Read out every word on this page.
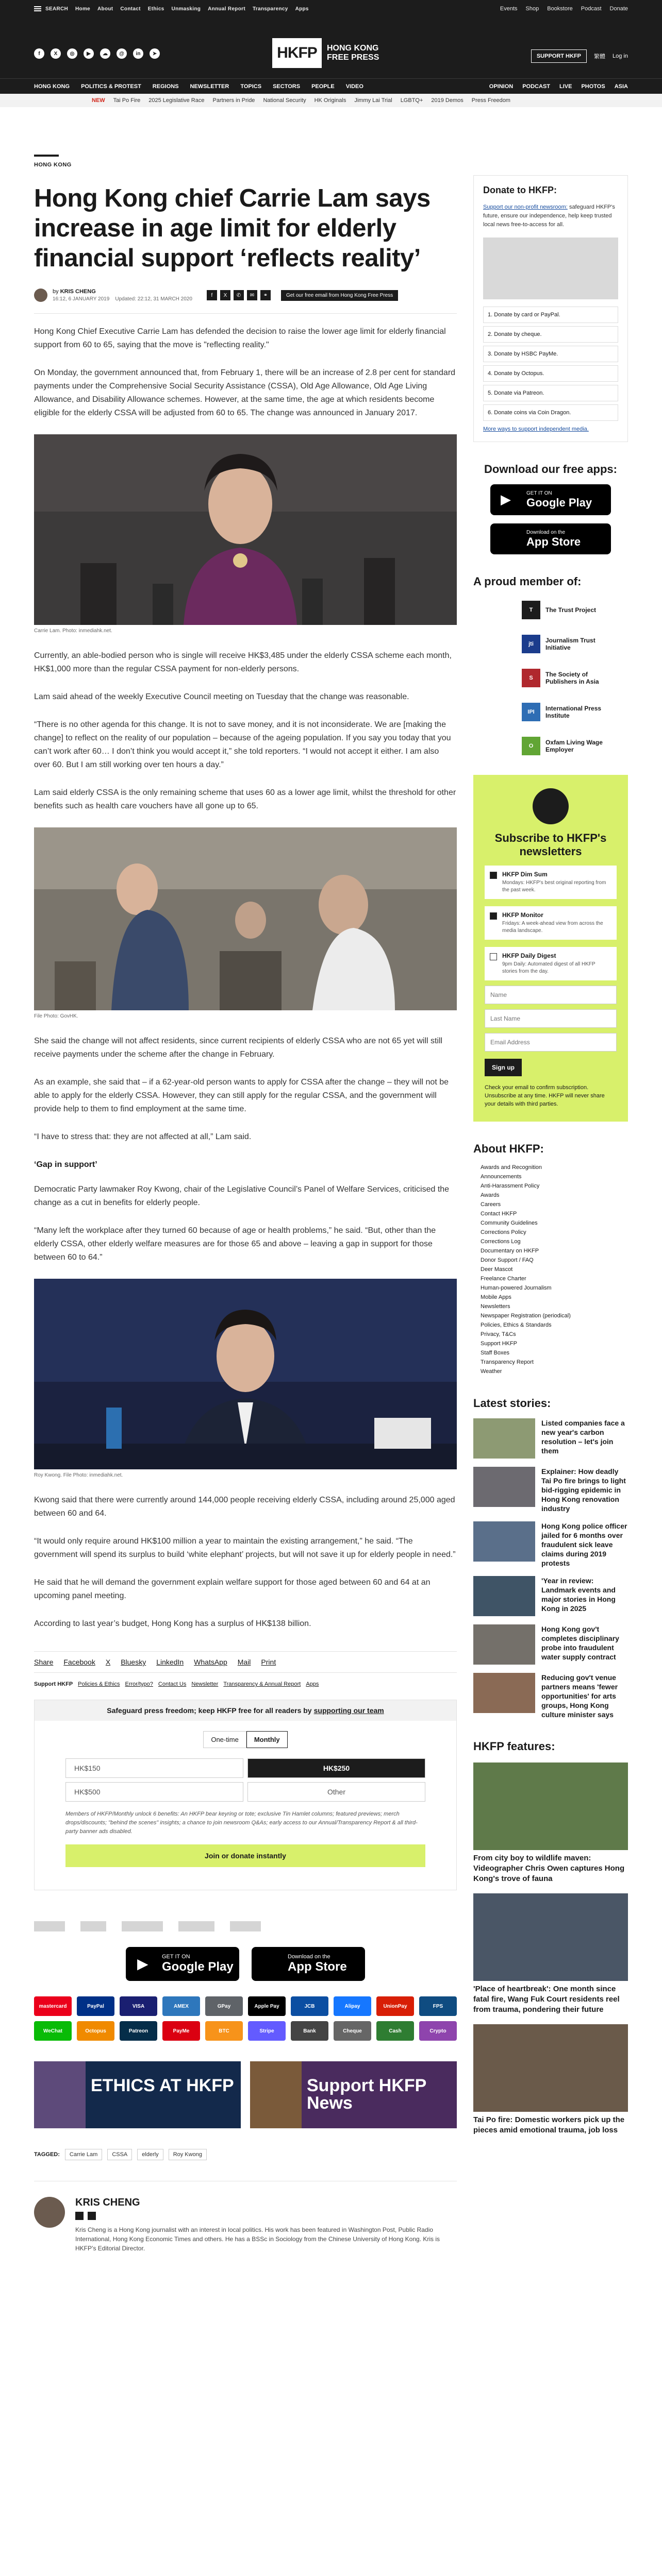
SEARCH Home About Contact Ethics Unmasking Annual Report Transparency Apps	Events Shop Bookstore Podcast Donate
f	X	◎	▶	☁	@	in	➤	HKFP	HONG KONG FREE PRESS	SUPPORT HKFP	繁體 Log in
HONG KONG POLITICS & PROTEST REGIONS NEWSLETTER TOPICS SECTORS PEOPLE VIDEO	OPINION PODCAST LIVE PHOTOS ASIA
NEW Tai Po Fire 2025 Legislative Race Partners in Pride National Security HK Originals Jimmy Lai Trial LGBTQ+ 2019 Demos Press Freedom
HONG KONG
Hong Kong chief Carrie Lam says increase in age limit for elderly financial support ‘reflects reality’
by KRIS CHENG
16:12, 6 JANUARY 2019 Updated: 22:12, 31 MARCH 2020
f	X	✆	✉	⚭	Get our free email from Hong Kong Free Press

Hong Kong Chief Executive Carrie Lam has defended the decision to raise the lower age limit for elderly financial support from 60 to 65, saying that the move is "reflecting reality."

On Monday, the government announced that, from February 1, there will be an increase of 2.8 per cent for standard payments under the Comprehensive Social Security Assistance (CSSA), Old Age Allowance, Old Age Living Allowance, and Disability Allowance schemes. However, at the same time, the age at which residents become eligible for the elderly CSSA will be adjusted from 60 to 65. The change was announced in January 2017.

Carrie Lam. Photo: inmediahk.net.

Currently, an able-bodied person who is single will receive HK$3,485 under the elderly CSSA scheme each month, HK$1,000 more than the regular CSSA payment for non-elderly persons.

Lam said ahead of the weekly Executive Council meeting on Tuesday that the change was reasonable.

“There is no other agenda for this change. It is not to save money, and it is not inconsiderate. We are [making the change] to reflect on the reality of our population – because of the ageing population. If you say you today that you can’t work after 60… I don’t think you would accept it,” she told reporters. “I would not accept it either. I am also over 60. But I am still working over ten hours a day.”

Lam said elderly CSSA is the only remaining scheme that uses 60 as a lower age limit, whilst the threshold for other benefits such as health care vouchers have all gone up to 65.

File Photo: GovHK.

She said the change will not affect residents, since current recipients of elderly CSSA who are not 65 yet will still receive payments under the scheme after the change in February.

As an example, she said that – if a 62-year-old person wants to apply for CSSA after the change – they will not be able to apply for the elderly CSSA. However, they can still apply for the regular CSSA, and the government will provide help to them to find employment at the same time.

“I have to stress that: they are not affected at all,” Lam said.

‘Gap in support’

Democratic Party lawmaker Roy Kwong, chair of the Legislative Council’s Panel of Welfare Services, criticised the change as a cut in benefits for elderly people.

“Many left the workplace after they turned 60 because of age or health problems,” he said. “But, other than the elderly CSSA, other elderly welfare measures are for those 65 and above – leaving a gap in support for those between 60 to 64.”

Roy Kwong. File Photo: inmediahk.net.

Kwong said that there were currently around 144,000 people receiving elderly CSSA, including around 25,000 aged between 60 and 64.

“It would only require around HK$100 million a year to maintain the existing arrangement,” he said. “The government will spend its surplus to build ‘white elephant’ projects, but will not save it up for elderly people in need.”

He said that he will demand the government explain welfare support for those aged between 60 and 64 at an upcoming panel meeting.

According to last year’s budget, Hong Kong has a surplus of HK$138 billion.

Share Facebook X Bluesky LinkedIn WhatsApp Mail Print
Support HKFP Policies & Ethics Error/typo? Contact Us Newsletter Transparency & Annual Report Apps
Safeguard press freedom; keep HKFP free for all readers by supporting our team
One-time	Monthly
HK$150	HK$250
HK$500	Other
Members of HKFP/Monthly unlock 6 benefits: An HKFP bear keyring or tote; exclusive Tin Hamlet columns; featured previews; merch drops/discounts; "behind the scenes" insights; a chance to join newsroom Q&As; early access to our Annual/Transparency Report & all third-party banner ads disabled.
Join or donate instantly
▶	GET IT ON
Google Play
Download on the
App Store
mastercard	PayPal	VISA	AMEX	GPay	Apple Pay	JCB	Alipay	UnionPay	FPS
WeChat	Octopus	Patreon	PayMe	BTC	Stripe	Bank	Cheque	Cash	Crypto
ETHICS AT HKFP	Support HKFP News
TAGGED:	Carrie Lam	CSSA	elderly	Roy Kwong
KRIS CHENG
Kris Cheng is a Hong Kong journalist with an interest in local politics. His work has been featured in Washington Post, Public Radio International, Hong Kong Economic Times and others. He has a BSSc in Sociology from the Chinese University of Hong Kong. Kris is HKFP’s Editorial Director.
Donate to HKFP:
Support our non-profit newsroom: safeguard HKFP's future, ensure our independence, help keep trusted local news free-to-access for all.
1. Donate by card or PayPal.
2. Donate by cheque.
3. Donate by HSBC PayMe.
4. Donate by Octopus.
5. Donate via Patreon.
6. Donate coins via Coin Dragon.
More ways to support independent media.
Download our free apps:
▶	GET IT ON
Google Play
Download on the
App Store
A proud member of:
T	The Trust Project
jti	Journalism Trust Initiative
S	The Society of Publishers in Asia
IPI	International Press Institute
O	Oxfam Living Wage Employer
Subscribe to HKFP's newsletters
HKFP Dim Sum
Mondays: HKFP's best original reporting from the past week.
HKFP Monitor
Fridays: A week-ahead view from across the media landscape.
HKFP Daily Digest
9pm Daily: Automated digest of all HKFP stories from the day.
Name
Last Name
Email Address Sign up
Check your email to confirm subscription. Unsubscribe at any time. HKFP will never share your details with third parties.
About HKFP:
Awards and Recognition
Announcements
Anti-Harassment Policy
Awards
Careers
Contact HKFP
Community Guidelines
Corrections Policy
Corrections Log
Documentary on HKFP
Donor Support / FAQ
Deer Mascot
Freelance Charter
Human-powered Journalism
Mobile Apps
Newsletters
Newspaper Registration (periodical)
Policies, Ethics & Standards
Privacy, T&Cs
Support HKFP
Staff Boxes
Transparency Report
Weather
Latest stories:
Listed companies face a new year's carbon resolution – let's join them
Explainer: How deadly Tai Po fire brings to light bid-rigging epidemic in Hong Kong renovation industry
Hong Kong police officer jailed for 6 months over fraudulent sick leave claims during 2019 protests
'Year in review: Landmark events and major stories in Hong Kong in 2025
Hong Kong gov't completes disciplinary probe into fraudulent water supply contract
Reducing gov't venue partners means 'fewer opportunities' for arts groups, Hong Kong culture minister says
HKFP features:
From city boy to wildlife maven: Videographer Chris Owen captures Hong Kong's trove of fauna
'Place of heartbreak': One month since fatal fire, Wang Fuk Court residents reel from trauma, pondering their future
Tai Po fire: Domestic workers pick up the pieces amid emotional trauma, job loss
